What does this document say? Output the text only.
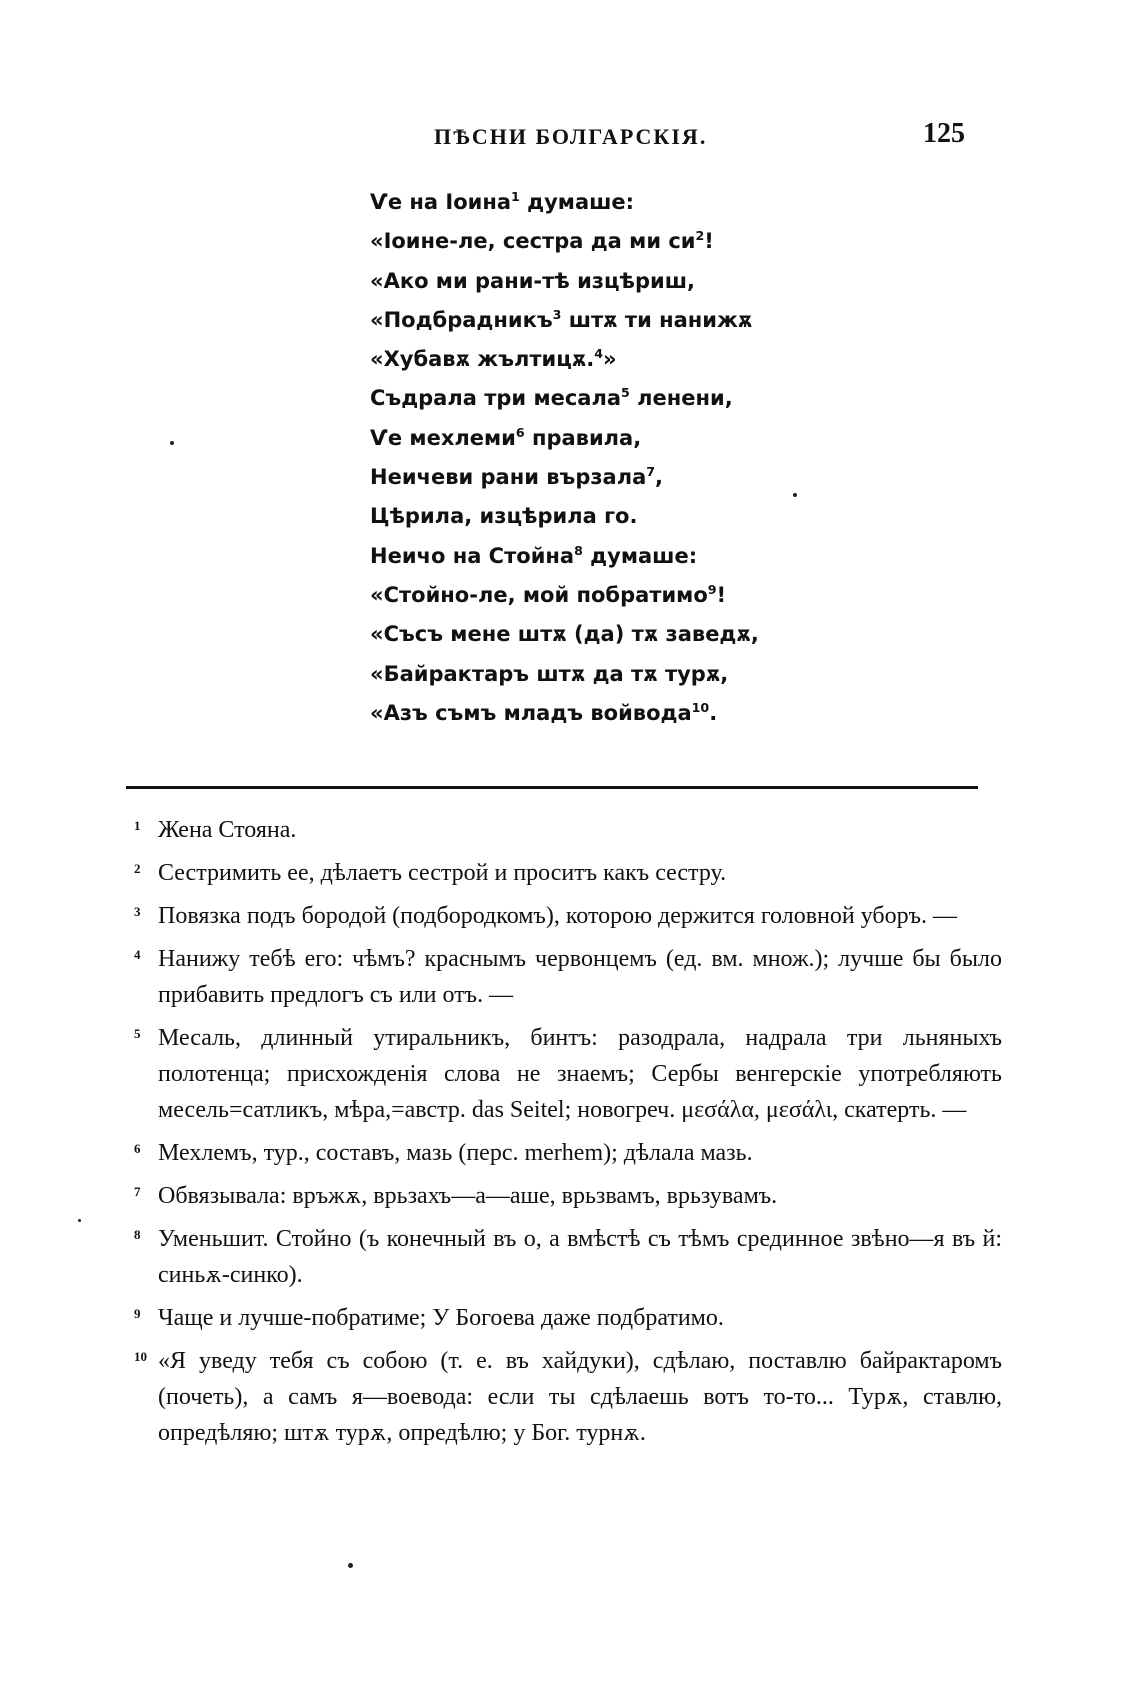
ПѢСНИ БОЛГАРСКІЯ.	125
Ѵе на Іоина$^1$ думаше:
«Іоине-ле, сестра да ми $си^2$!
«Ако ми рани-тѣ изцѣриш,
«Подбрадникъ$^3$ штѫ ти нанижѫ
«Хубавѫ жълтицѫ.$^4$»
Съдрала три месала$^5$ ленени,
Ѵе мехлеми$^6$ правила,
Неичеви рани вързала$^7$,
Цѣрила, изцѣрила го.
Неичо на Стойна$^8$ думаше:
«Стойно-ле, мой побратимо$^9$!
«Съсъ мене штѫ (да) тѫ заведѫ,
«Байрактаръ штѫ да тѫ турѫ,
«Азъ съмъ младъ войвода$^{10}$.
1 Жена Стояна.
2 Сестримить ее, дѣлаетъ сестрой и проситъ какъ сестру.
3 Повязка подъ бородой (подбородкомъ), которою держится головной уборъ. —
4 Нанижу тебѣ его: чѣмъ? краснымъ червонцемъ (ед. вм. множ.); лучше бы было прибавить предлогъ съ или отъ. —
5 Месаль, длинный утиральникъ, бинтъ: разодрала, надрала три льняныхъ полотенца; присхожденія слова не знаемъ; Сербы венгерскіе употребляють месель=сатликъ, мѣра,=австр. das Seitel; новогреч. μεσάλα, μεσάλι, скатерть. —
6 Мехлемъ, тур., составъ, мазь (перс. merhem); дѣлала мазь.
7 Обвязывала: връжѫ, врьзахъ—а—аше, врьзвамъ, врьзувамъ.
8 Уменьшит. Стойно (ъ конечный въ о, а вмѣстѣ съ тѣмъ срединное звѣно—я въ й: синьѫ-синко).
9 Чаще и лучше-побратиме; У Богоева даже подбратимо.
10 «Я уведу тебя съ собою (т. е. въ хайдуки), сдѣлаю, поставлю байрактаромъ (почеть), а самъ я—воевода: если ты сдѣлаешь вотъ то-то... Турѫ, ставлю, опредѣляю; штѫ турѫ, опредѣлю; у Бог. турнѫ.
